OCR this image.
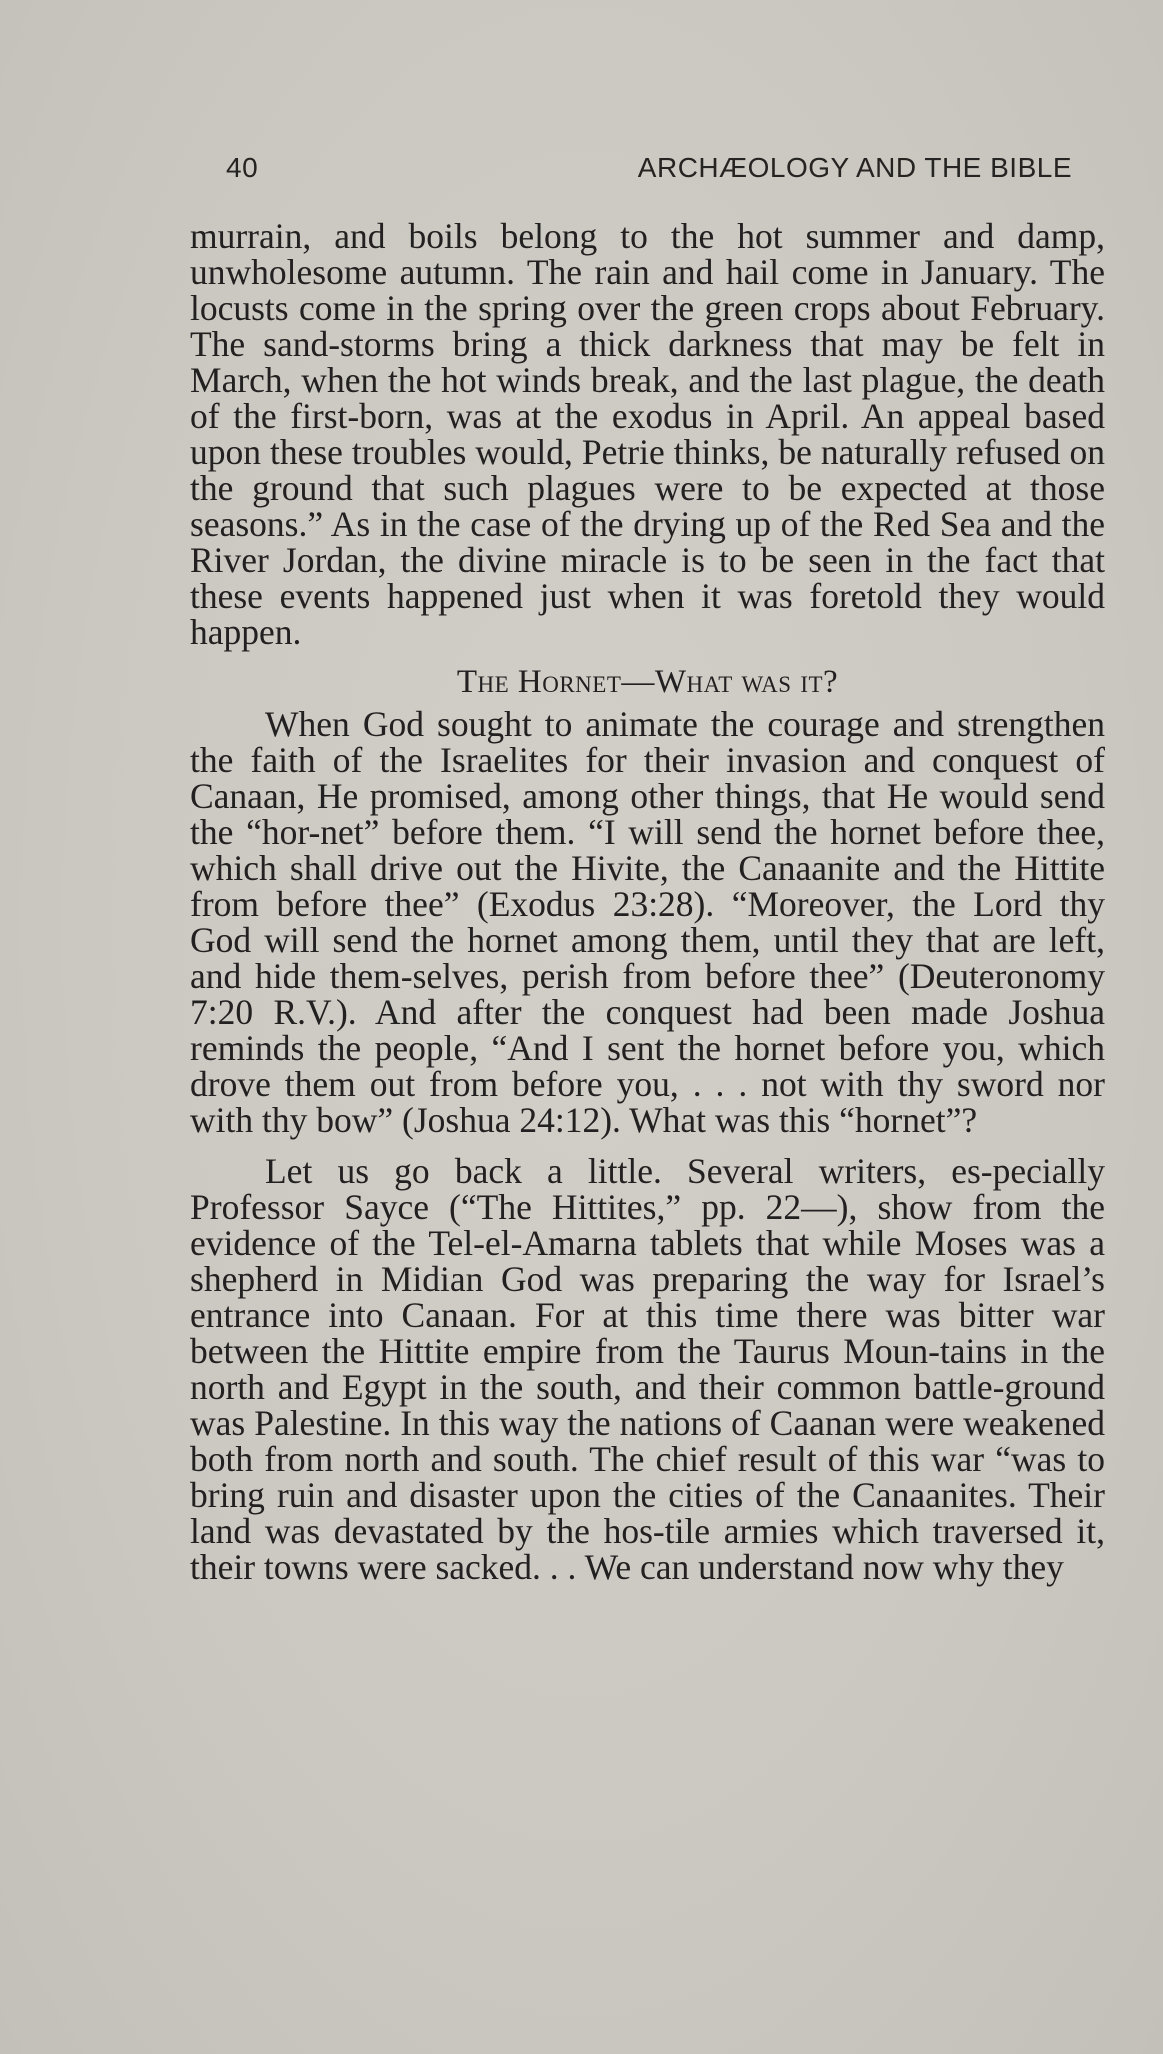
40	ARCHÆOLOGY AND THE BIBLE

murrain, and boils belong to the hot summer and damp, unwholesome autumn. The rain and hail come in January. The locusts come in the spring over the green crops about February. The sand-storms bring a thick darkness that may be felt in March, when the hot winds break, and the last plague, the death of the first-born, was at the exodus in April. An appeal based upon these troubles would, Petrie thinks, be naturally refused on the ground that such plagues were to be expected at those seasons.” As in the case of the drying up of the Red Sea and the River Jordan, the divine miracle is to be seen in the fact that these events happened just when it was foretold they would happen.

The Hornet—What was it?

When God sought to animate the courage and strengthen the faith of the Israelites for their invasion and conquest of Canaan, He promised, among other things, that He would send the “hor-net” before them. “I will send the hornet before thee, which shall drive out the Hivite, the Canaanite and the Hittite from before thee” (Exodus 23:28). “Moreover, the Lord thy God will send the hornet among them, until they that are left, and hide them-selves, perish from before thee” (Deuteronomy 7:20 R.V.). And after the conquest had been made Joshua reminds the people, “And I sent the hornet before you, which drove them out from before you, . . . not with thy sword nor with thy bow” (Joshua 24:12). What was this “hornet”?

Let us go back a little. Several writers, es-pecially Professor Sayce (“The Hittites,” pp. 22—), show from the evidence of the Tel-el-Amarna tablets that while Moses was a shepherd in Midian God was preparing the way for Israel’s entrance into Canaan. For at this time there was bitter war between the Hittite empire from the Taurus Moun-tains in the north and Egypt in the south, and their common battle-ground was Palestine. In this way the nations of Caanan were weakened both from north and south. The chief result of this war “was to bring ruin and disaster upon the cities of the Canaanites. Their land was devastated by the hos-tile armies which traversed it, their towns were sacked. . . We can understand now why they
